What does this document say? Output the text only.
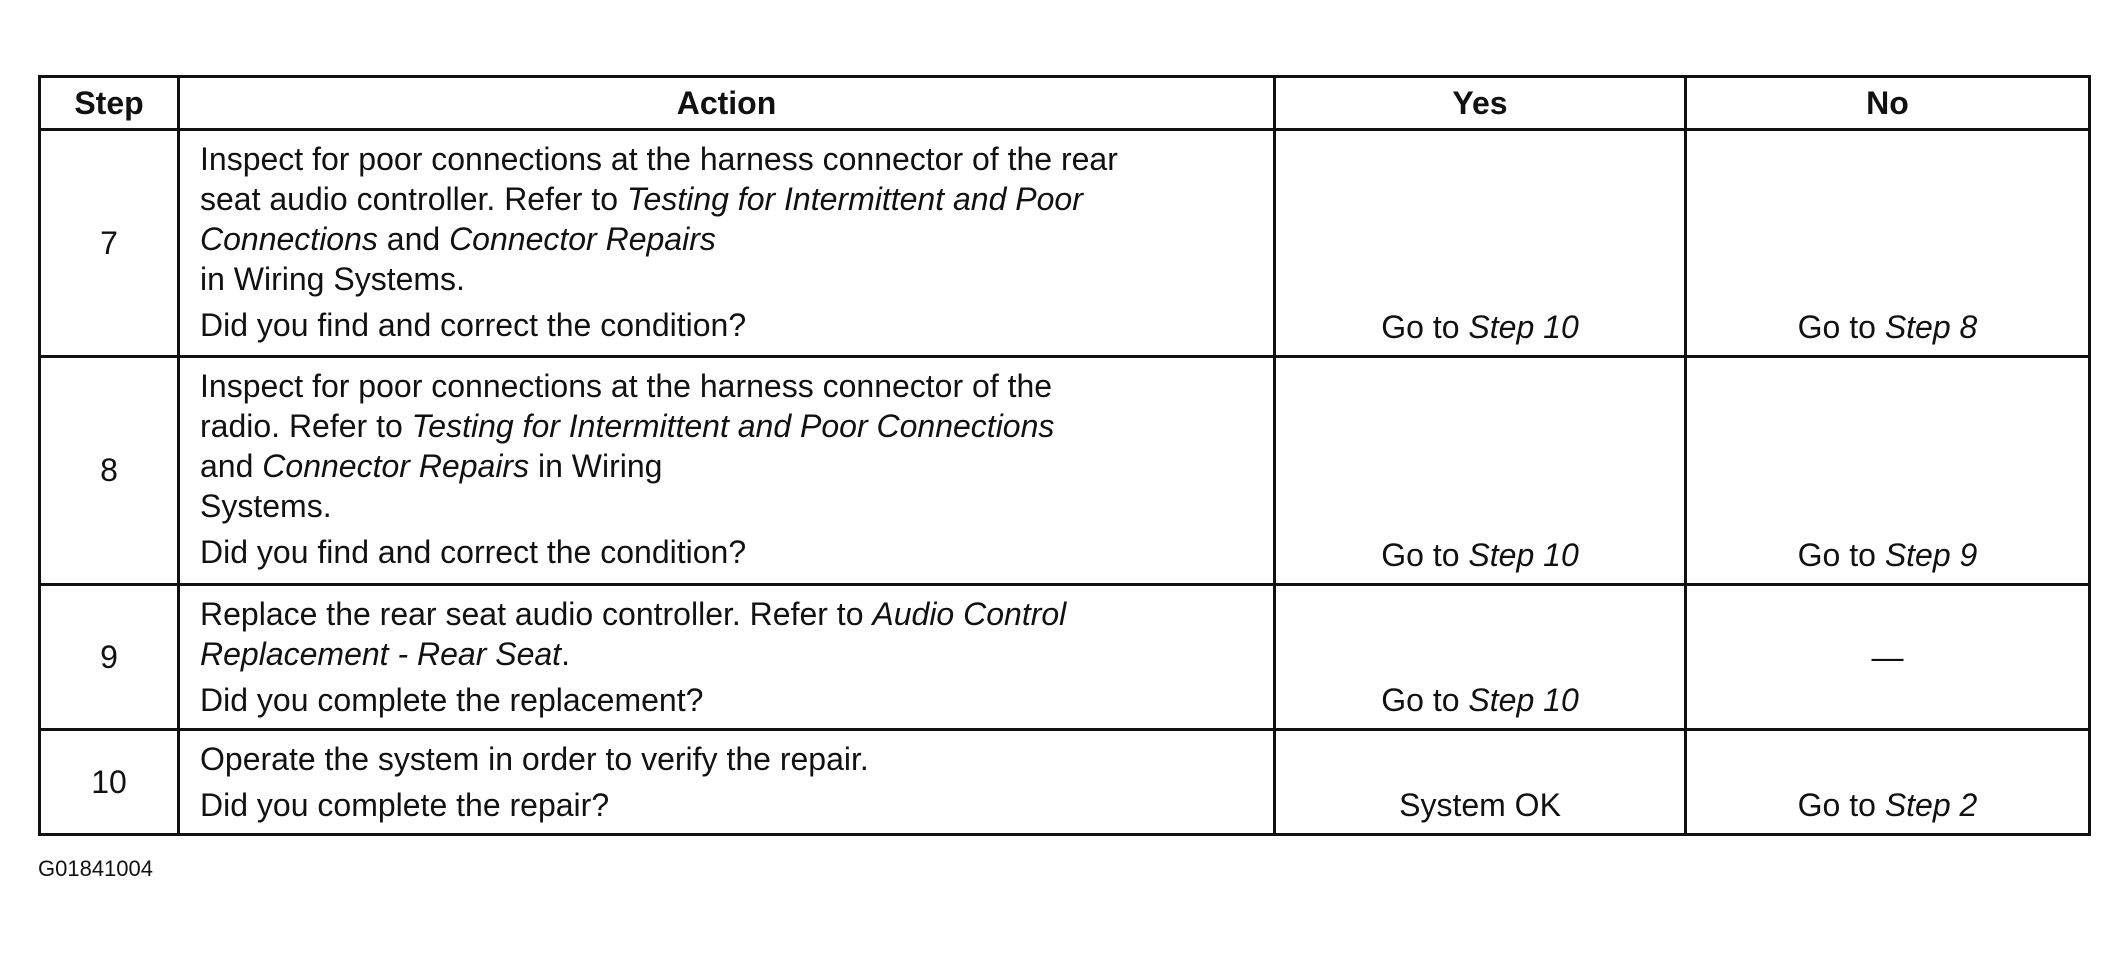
Step	Action	Yes	No
7	Inspect for poor connections at the harness connector of the rear
seat audio controller. Refer to Testing for Intermittent and Poor
Connections and Connector Repairs
in Wiring Systems.
Did you find and correct the condition?	Go to Step 10	Go to Step 8
8	Inspect for poor connections at the harness connector of the
radio. Refer to Testing for Intermittent and Poor Connections
and Connector Repairs in Wiring
Systems.
Did you find and correct the condition?	Go to Step 10	Go to Step 9
9	Replace the rear seat audio controller. Refer to Audio Control
Replacement - Rear Seat.
Did you complete the replacement?	Go to Step 10	—
10	Operate the system in order to verify the repair.
Did you complete the repair?	System OK	Go to Step 2
G01841004
